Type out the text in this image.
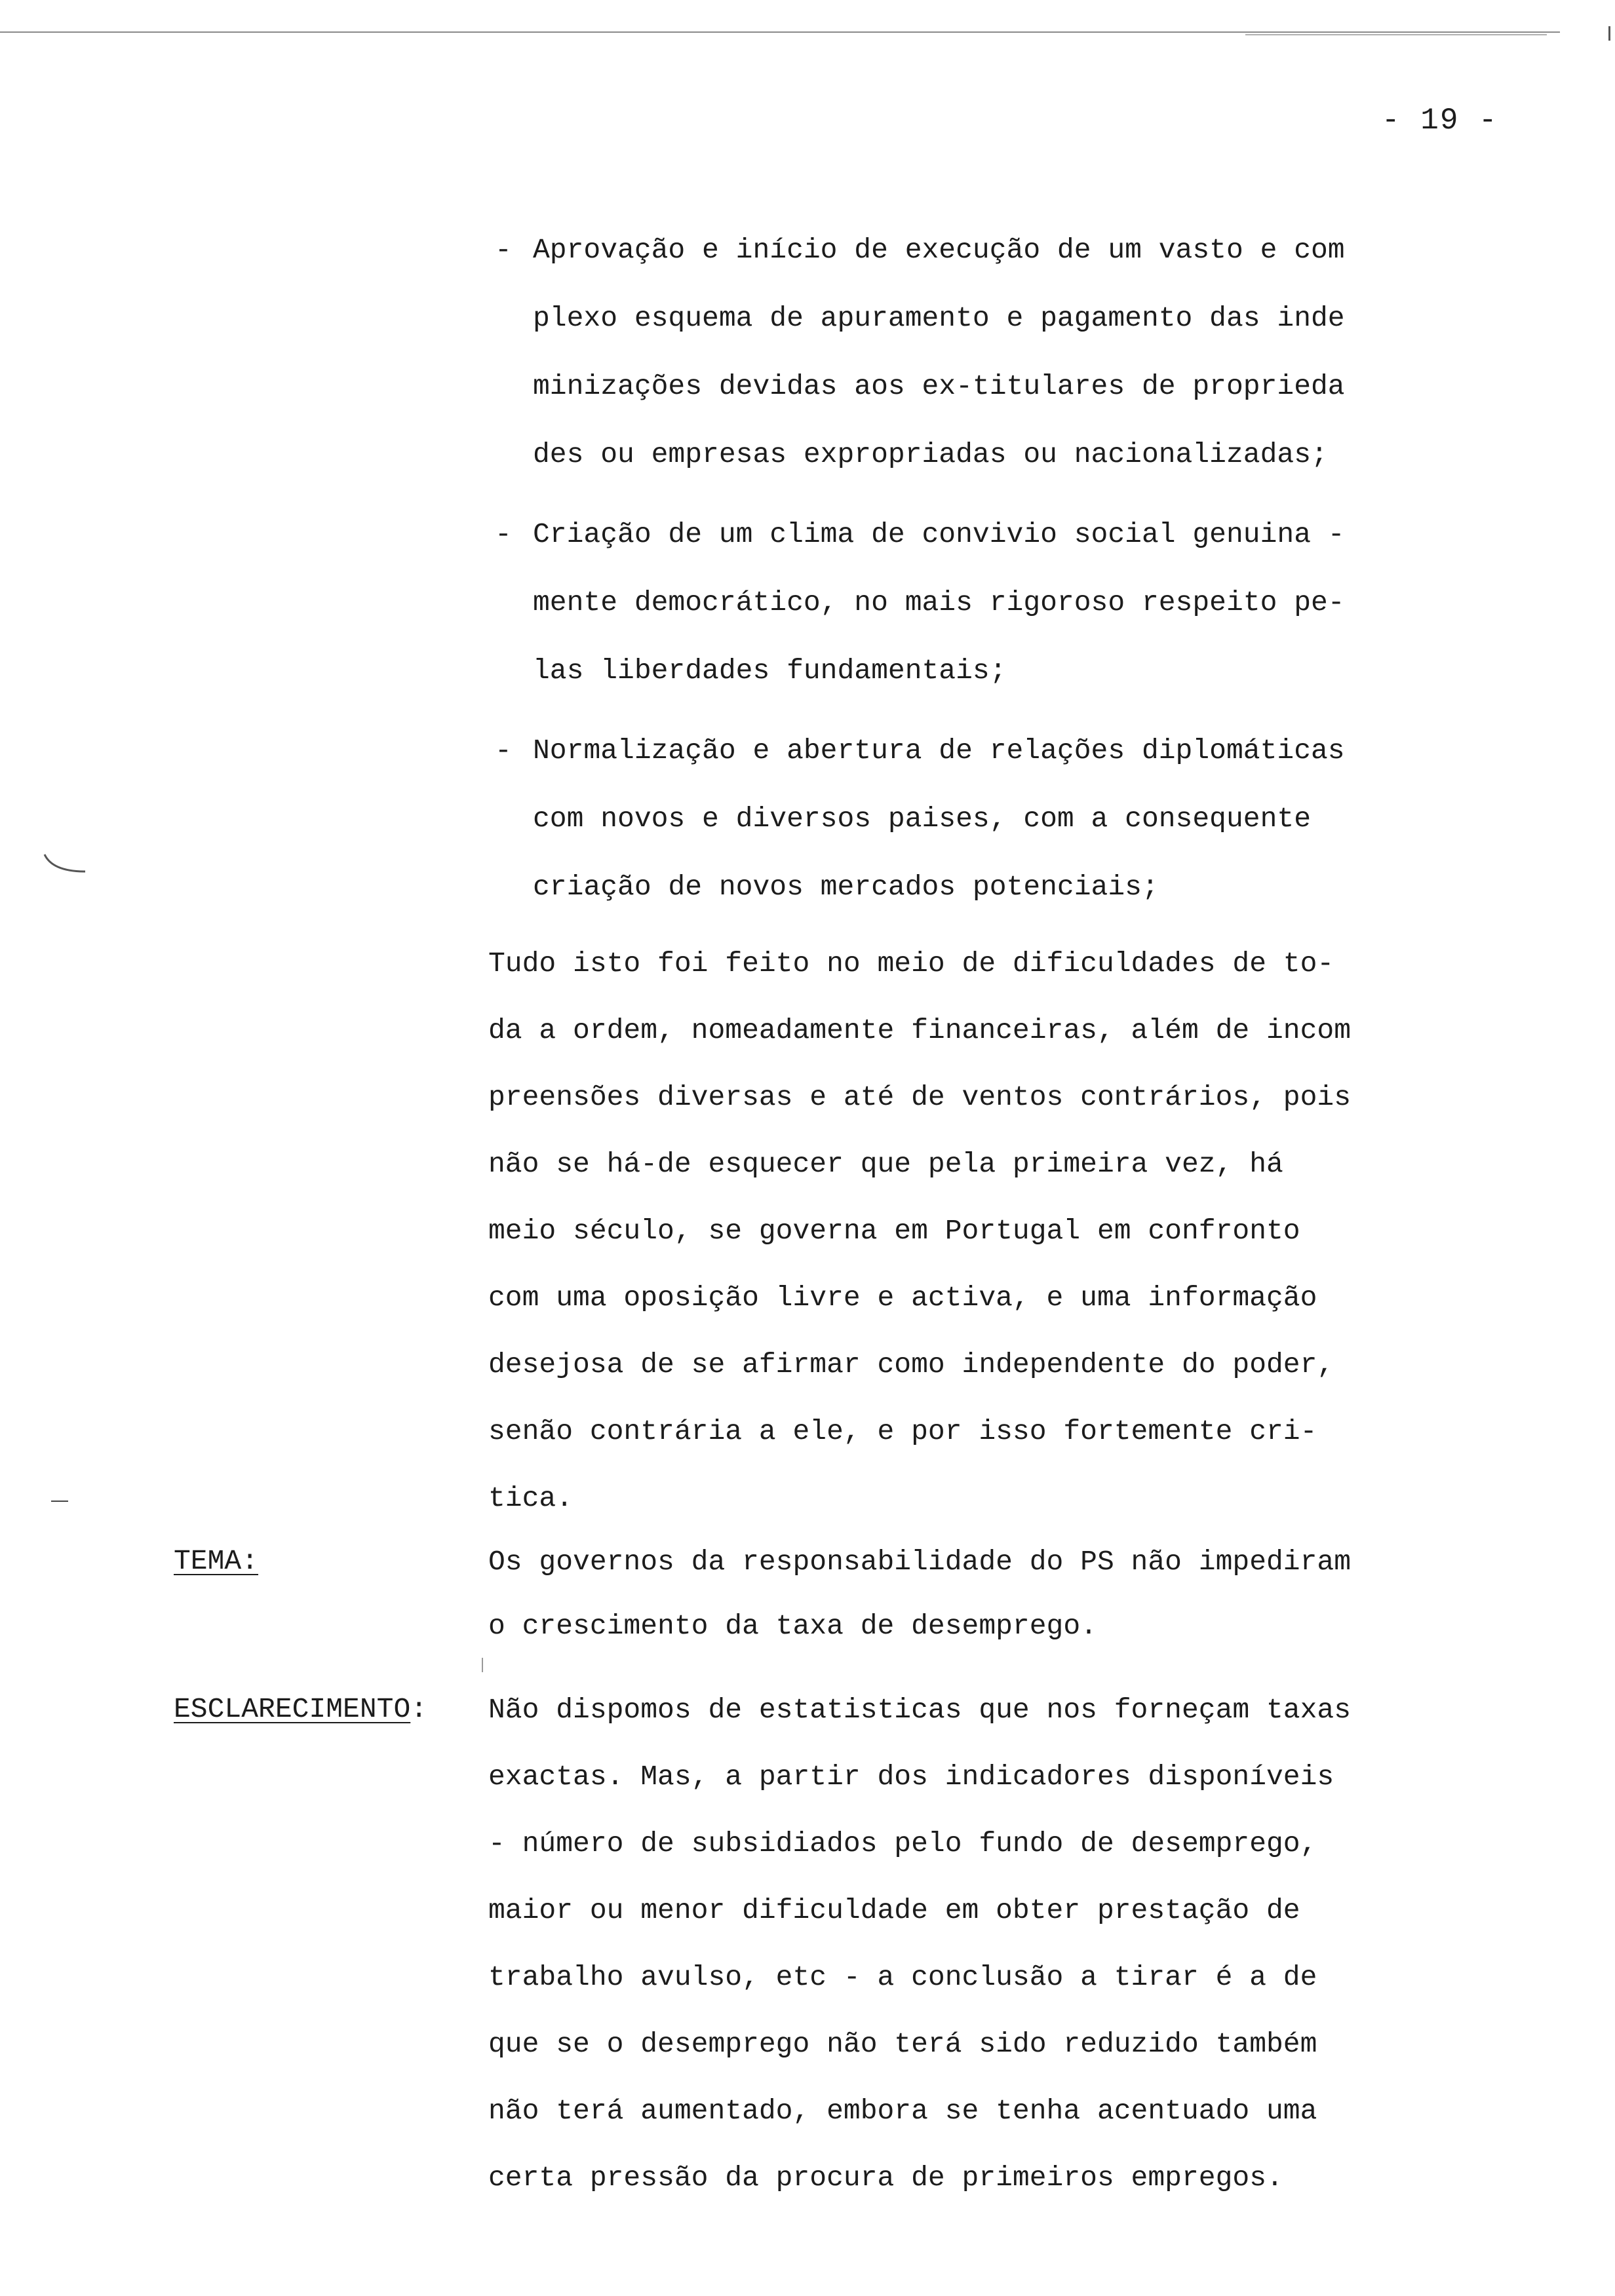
- 19 -
- Aprovação e início de execução de um vasto e com
plexo esquema de apuramento e pagamento das inde
minizações devidas aos ex-titulares de proprieda
des ou empresas expropriadas ou nacionalizadas;
- Criação de um clima de convivio social genuina -
mente democrático, no mais rigoroso respeito pe-
las liberdades fundamentais;
- Normalização e abertura de relações diplomáticas
com novos e diversos paises, com a consequente
criação de novos mercados potenciais;
Tudo isto foi feito no meio de dificuldades de to-
da a ordem, nomeadamente financeiras, além de incom
preensões diversas e até de ventos contrários, pois
não se há-de esquecer que pela primeira vez, há
meio século, se governa em Portugal em confronto
com uma oposição livre e activa, e uma informação
desejosa de se afirmar como independente do poder,
senão contrária a ele, e por isso fortemente cri-
tica.
TEMA:	Os governos da responsabilidade do PS não impediram
o crescimento da taxa de desemprego.
ESCLARECIMENTO: Não dispomos de estatisticas que nos forneçam taxas
exactas. Mas, a partir dos indicadores disponíveis
- número de subsidiados pelo fundo de desemprego,
maior ou menor dificuldade em obter prestação de
trabalho avulso, etc - a conclusão a tirar é a de
que se o desemprego não terá sido reduzido também
não terá aumentado, embora se tenha acentuado uma
certa pressão da procura de primeiros empregos.
